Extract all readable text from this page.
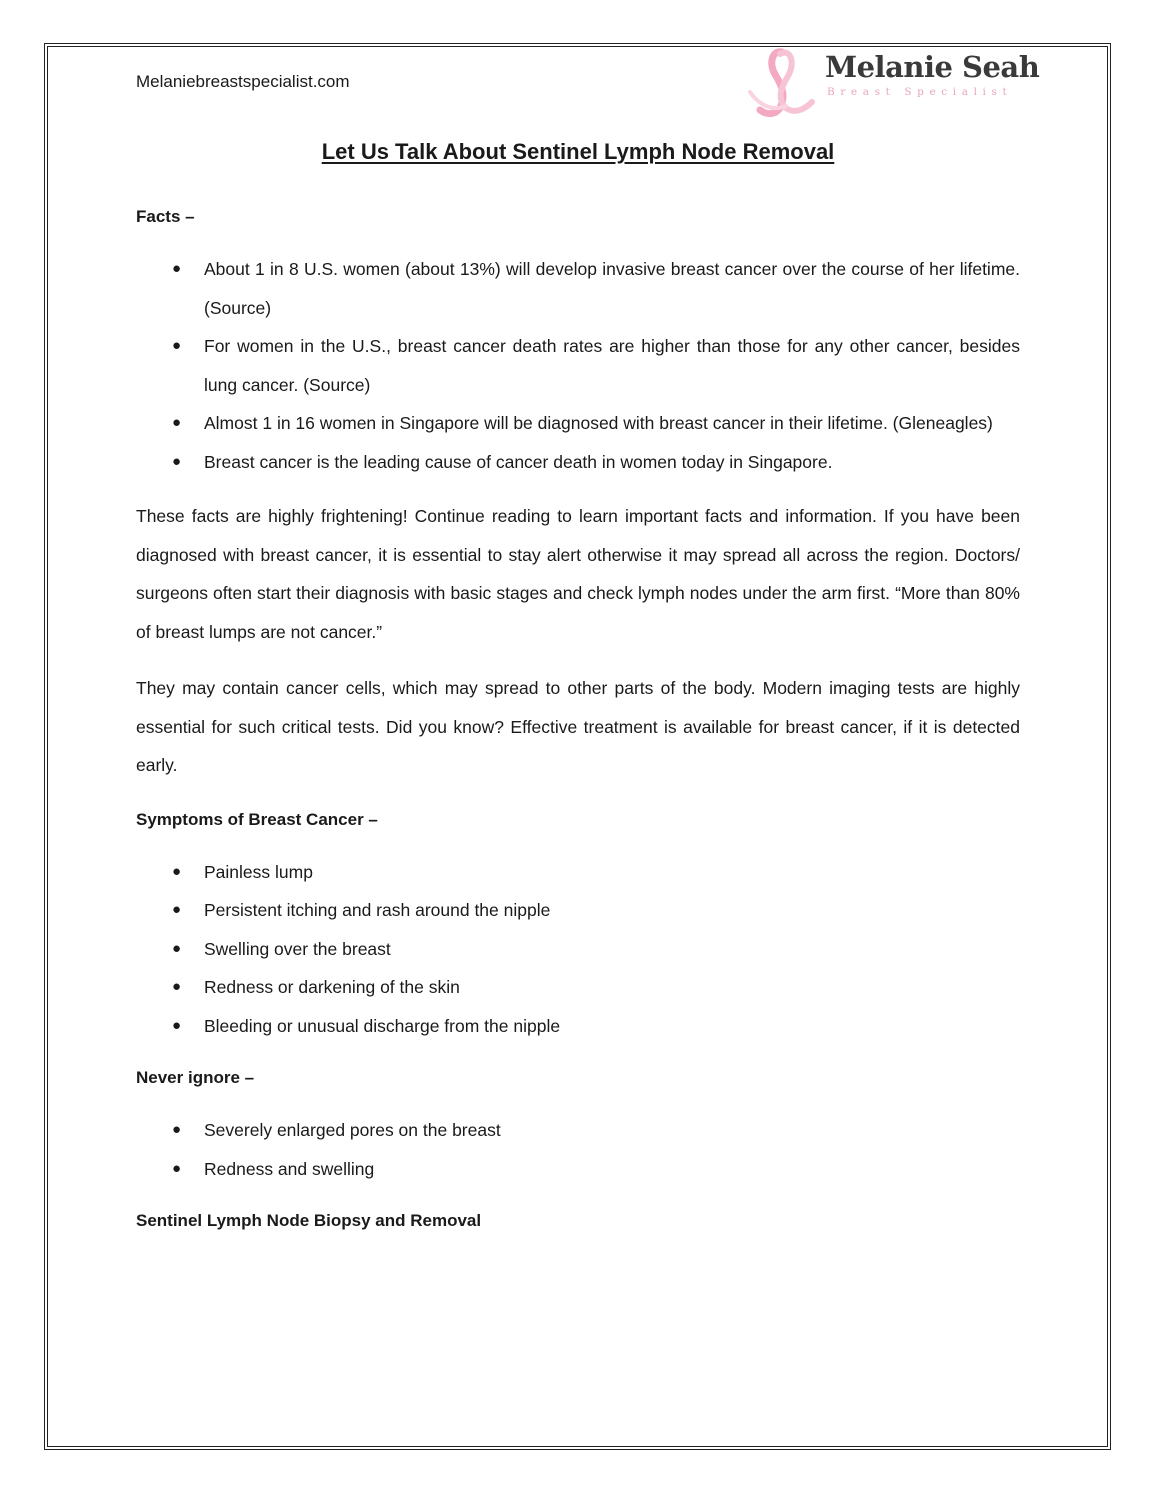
Melaniebreastspecialist.com	Melanie Seah
Breast Specialist
Let Us Talk About Sentinel Lymph Node Removal

Facts –

● About 1 in 8 U.S. women (about 13%) will develop invasive breast cancer over the course of her lifetime. (Source)
● For women in the U.S., breast cancer death rates are higher than those for any other cancer, besides lung cancer. (Source)
● Almost 1 in 16 women in Singapore will be diagnosed with breast cancer in their lifetime. (Gleneagles)
● Breast cancer is the leading cause of cancer death in women today in Singapore.

These facts are highly frightening! Continue reading to learn important facts and information. If you have been diagnosed with breast cancer, it is essential to stay alert otherwise it may spread all across the region. Doctors/ surgeons often start their diagnosis with basic stages and check lymph nodes under the arm first. “More than 80% of breast lumps are not cancer.”

They may contain cancer cells, which may spread to other parts of the body. Modern imaging tests are highly essential for such critical tests. Did you know? Effective treatment is available for breast cancer, if it is detected early.

Symptoms of Breast Cancer –

● Painless lump
● Persistent itching and rash around the nipple
● Swelling over the breast
● Redness or darkening of the skin
● Bleeding or unusual discharge from the nipple

Never ignore –

● Severely enlarged pores on the breast
● Redness and swelling

Sentinel Lymph Node Biopsy and Removal
